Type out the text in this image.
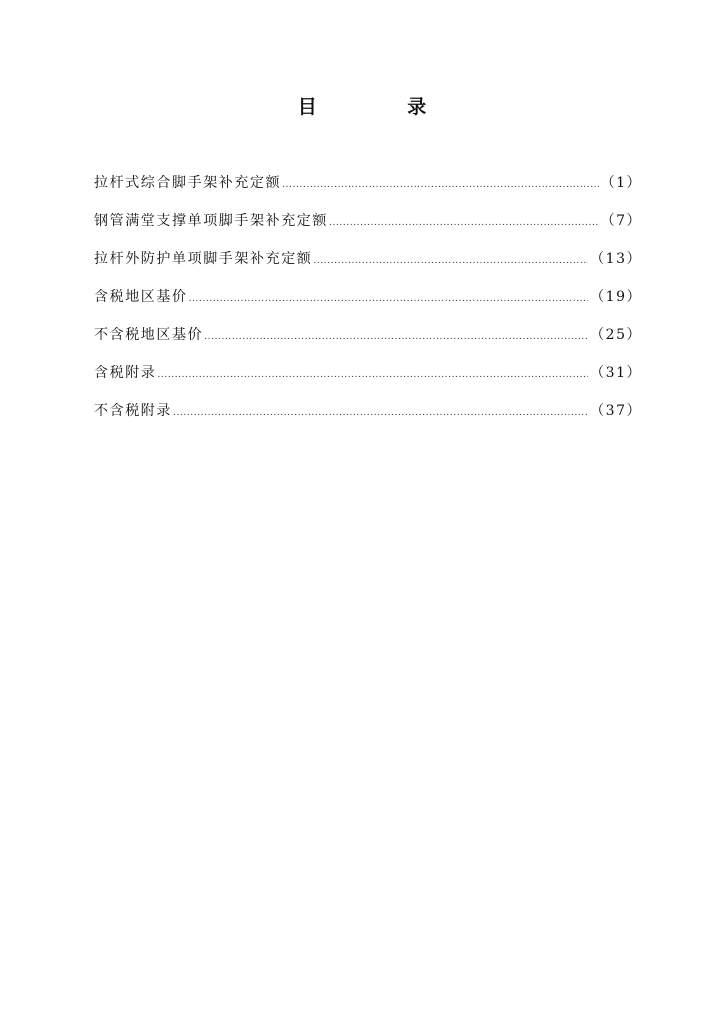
目 录
拉杆式综合脚手架补充定额 .....	（1）
钢管满堂支撑单项脚手架补充定额 .....	（7）
拉杆外防护单项脚手架补充定额 .....	（13）
含税地区基价 .....	（19）
不含税地区基价 .....	（25）
含税附录 .....	（31）
不含税附录 .....	（37）
